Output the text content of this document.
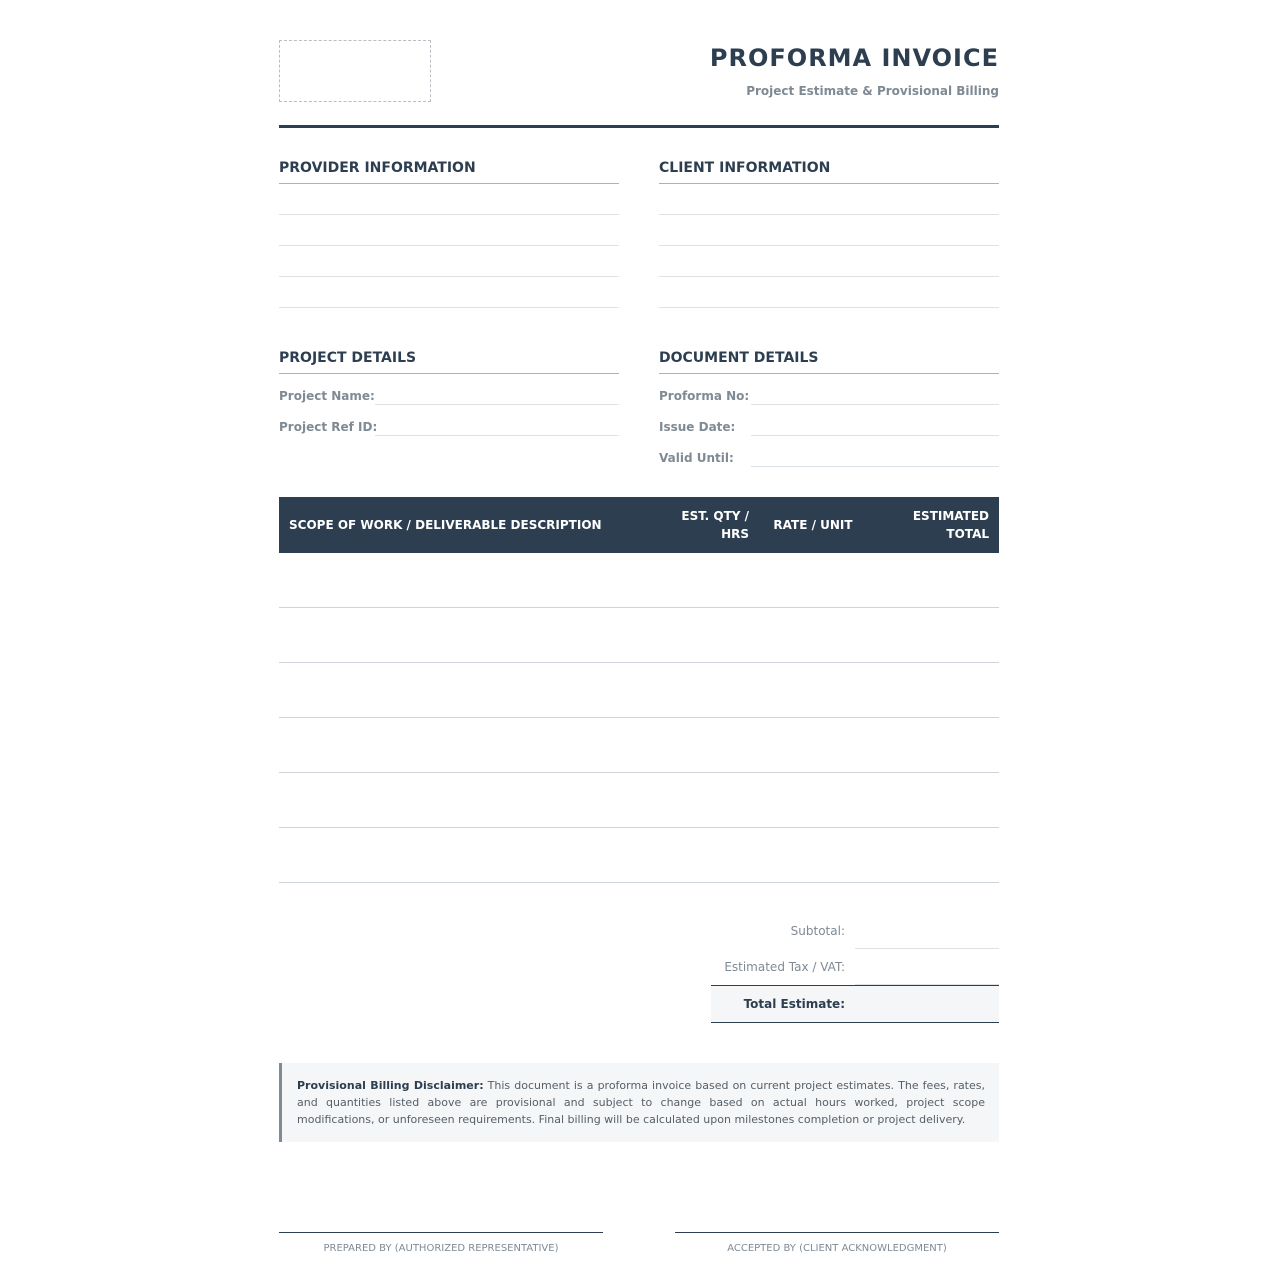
PROFORMA INVOICE
Project Estimate & Provisional Billing
PROVIDER INFORMATION	CLIENT INFORMATION
PROJECT DETAILS
Project Name:
Project Ref ID:
DOCUMENT DETAILS
Proforma No:
Issue Date:
Valid Until:
SCOPE OF WORK / DELIVERABLE DESCRIPTION	EST. QTY / HRS	RATE / UNIT	ESTIMATED TOTAL

Subtotal:
Estimated Tax / VAT:
Total Estimate:
Provisional Billing Disclaimer: This document is a proforma invoice based on current project estimates. The fees, rates, and quantities listed above are provisional and subject to change based on actual hours worked, project scope modifications, or unforeseen requirements. Final billing will be calculated upon milestones completion or project delivery.
PREPARED BY (AUTHORIZED REPRESENTATIVE)	ACCEPTED BY (CLIENT ACKNOWLEDGMENT)
